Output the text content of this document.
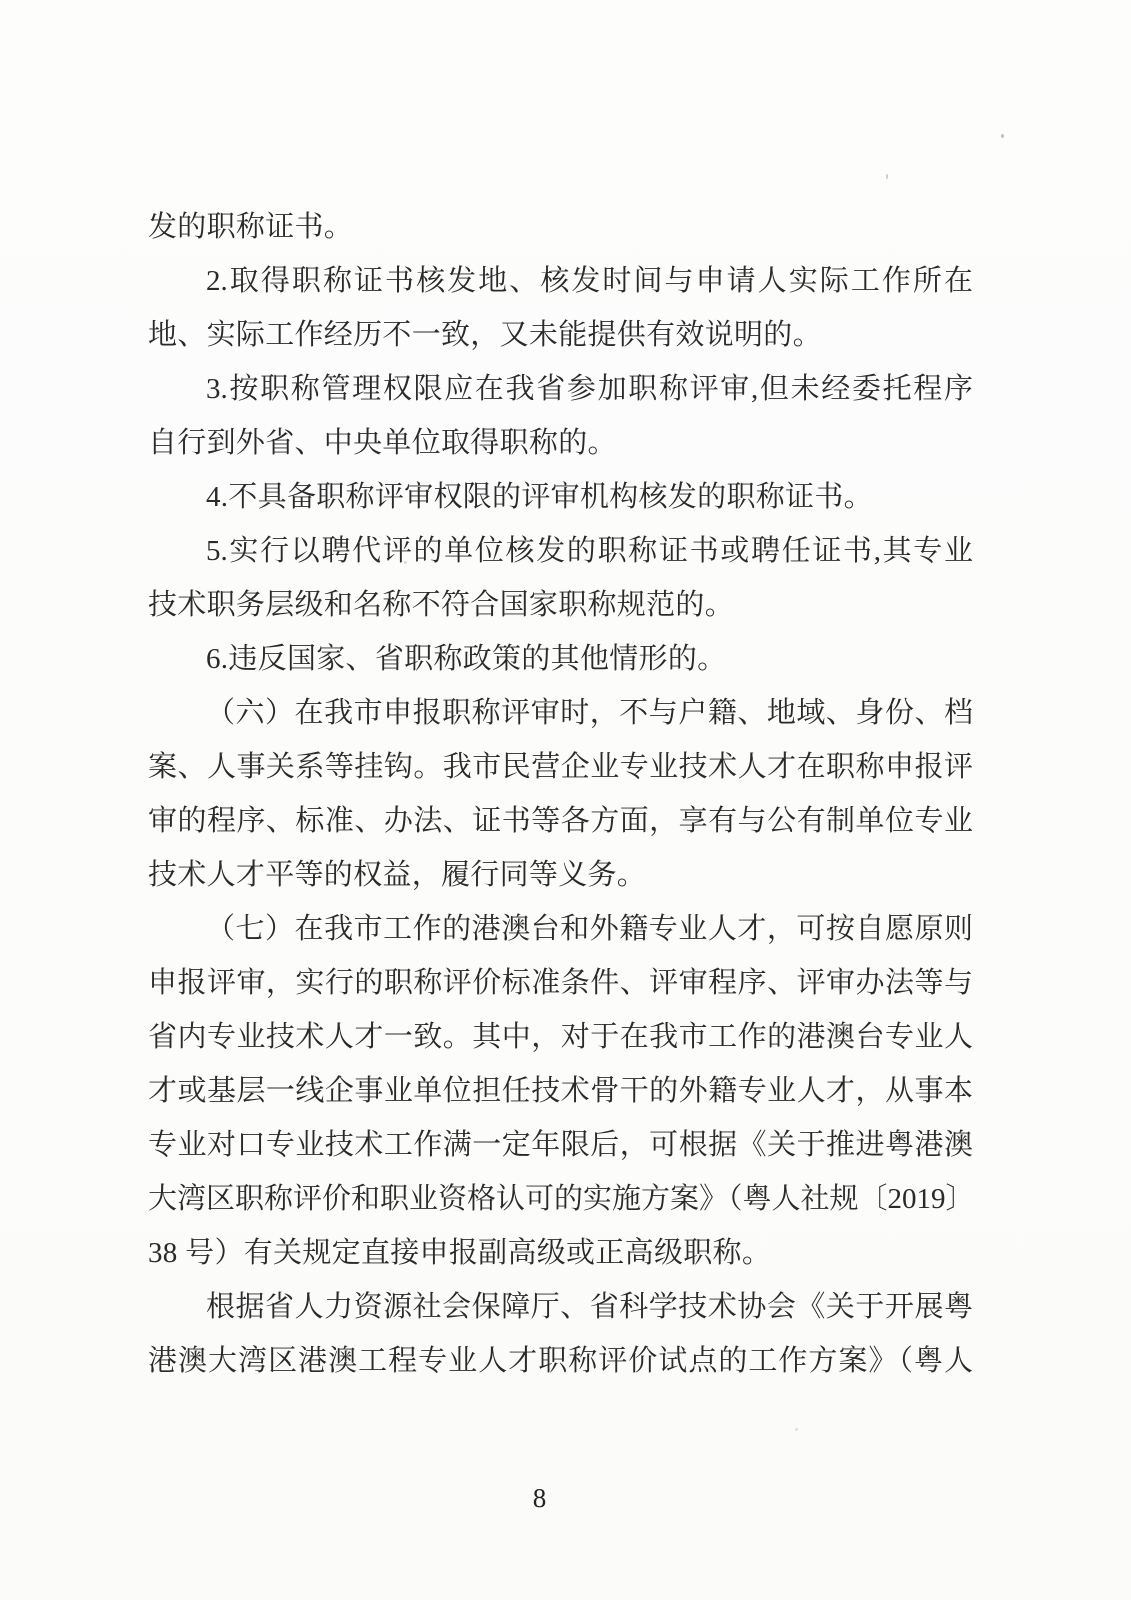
发的职称证书。
2.取得职称证书核发地、核发时间与申请人实际工作所在
地、实际工作经历不一致，又未能提供有效说明的。
3.按职称管理权限应在我省参加职称评审,但未经委托程序
自行到外省、中央单位取得职称的。
4.不具备职称评审权限的评审机构核发的职称证书。
5.实行以聘代评的单位核发的职称证书或聘任证书,其专业
技术职务层级和名称不符合国家职称规范的。
6.违反国家、省职称政策的其他情形的。
（六）在我市申报职称评审时，不与户籍、地域、身份、档
案、人事关系等挂钩。我市民营企业专业技术人才在职称申报评
审的程序、标准、办法、证书等各方面，享有与公有制单位专业
技术人才平等的权益，履行同等义务。
（七）在我市工作的港澳台和外籍专业人才，可按自愿原则
申报评审，实行的职称评价标准条件、评审程序、评审办法等与
省内专业技术人才一致。其中，对于在我市工作的港澳台专业人
才或基层一线企事业单位担任技术骨干的外籍专业人才，从事本
专业对口专业技术工作满一定年限后，可根据《关于推进粤港澳
大湾区职称评价和职业资格认可的实施方案》（粤人社规〔2019〕
38 号）有关规定直接申报副高级或正高级职称。
根据省人力资源社会保障厅、省科学技术协会《关于开展粤
港澳大湾区港澳工程专业人才职称评价试点的工作方案》（粤人
8
